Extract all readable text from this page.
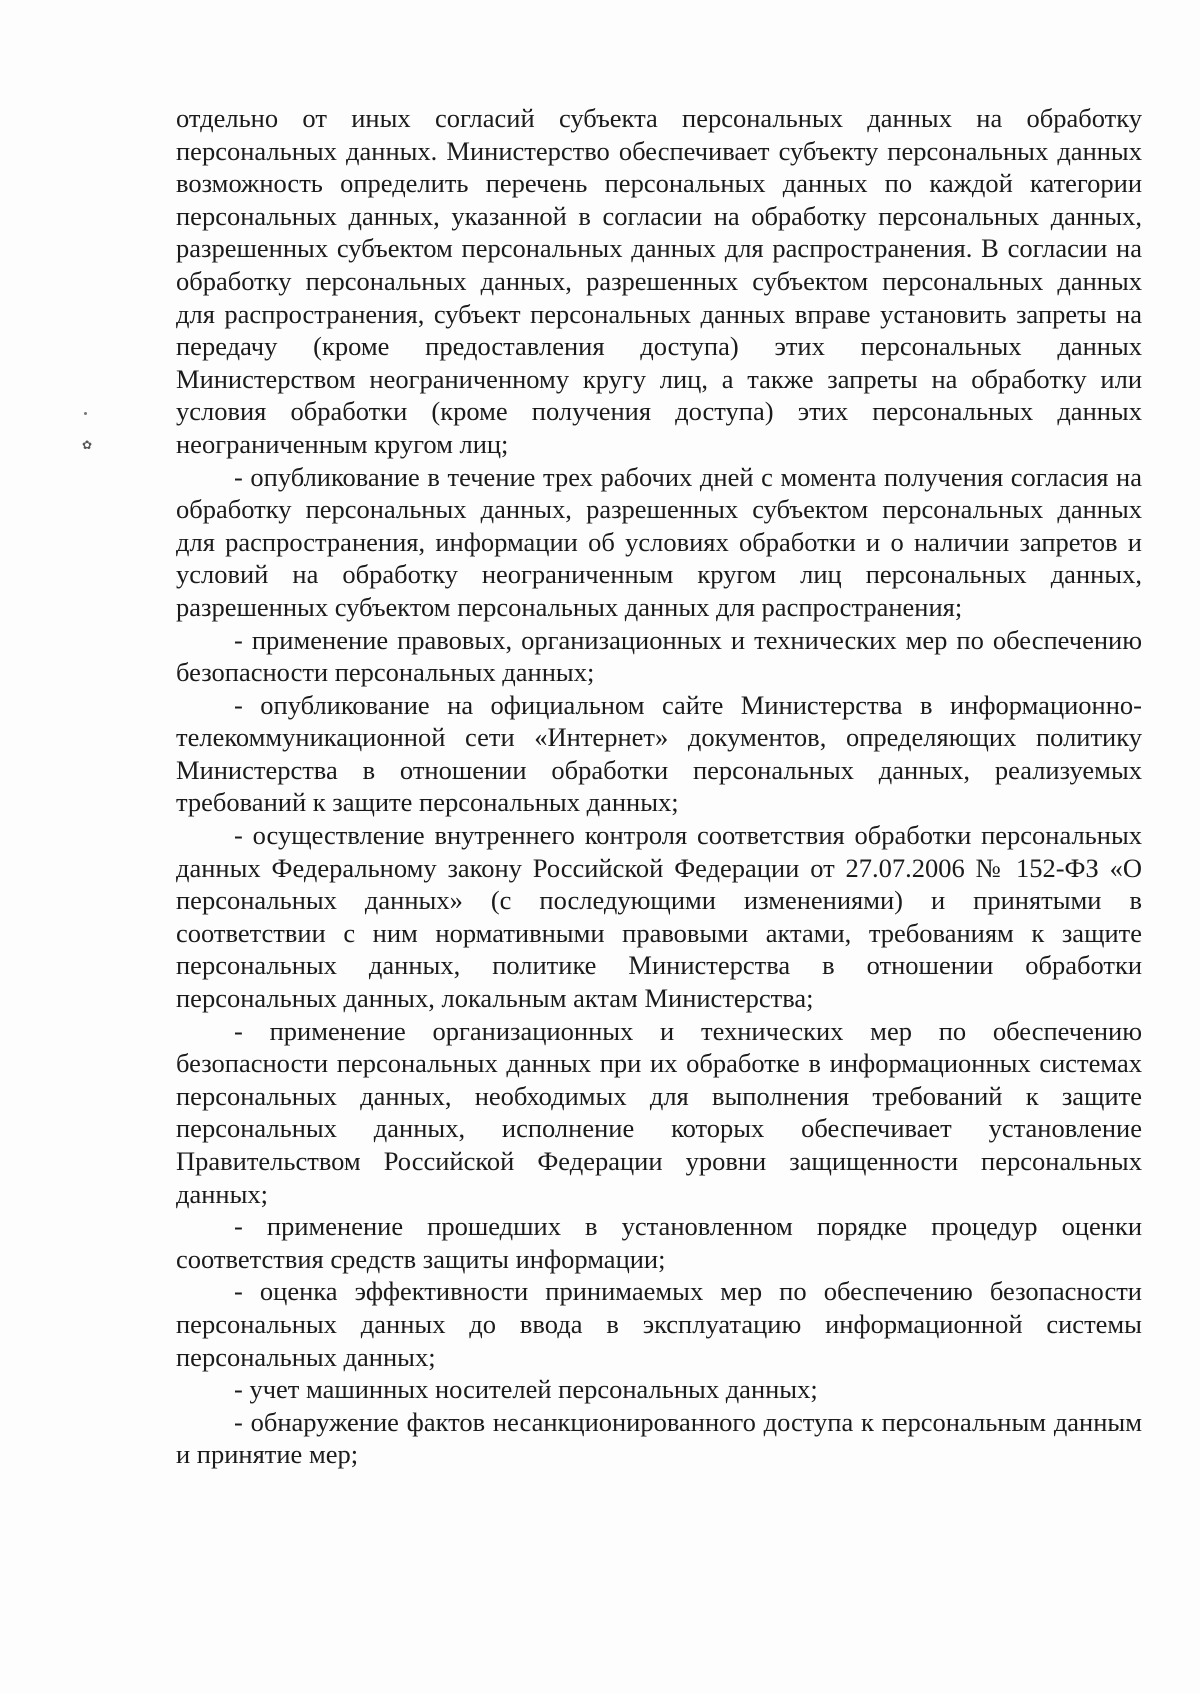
✿

отдельно от иных согласий субъекта персональных данных на обработку персональных данных. Министерство обеспечивает субъекту персональных данных возможность определить перечень персональных данных по каждой категории персональных данных, указанной в согласии на обработку персональных данных, разрешенных субъектом персональных данных для распространения. В согласии на обработку персональных данных, разрешенных субъектом персональных данных для распространения, субъект персональных данных вправе установить запреты на передачу (кроме предоставления доступа) этих персональных данных Министерством неограниченному кругу лиц, а также запреты на обработку или условия обработки (кроме получения доступа) этих персональных данных неограниченным кругом лиц;

- опубликование в течение трех рабочих дней с момента получения согласия на обработку персональных данных, разрешенных субъектом персональных данных для распространения, информации об условиях обработки и о наличии запретов и условий на обработку неограниченным кругом лиц персональных данных, разрешенных субъектом персональных данных для распространения;

- применение правовых, организационных и технических мер по обеспечению безопасности персональных данных;

- опубликование на официальном сайте Министерства в информационно-телекоммуникационной сети «Интернет» документов, определяющих политику Министерства в отношении обработки персональных данных, реализуемых требований к защите персональных данных;

- осуществление внутреннего контроля соответствия обработки персональных данных Федеральному закону Российской Федерации от 27.07.2006 № 152-ФЗ «О персональных данных» (с последующими изменениями) и принятыми в соответствии с ним нормативными правовыми актами, требованиям к защите персональных данных, политике Министерства в отношении обработки персональных данных, локальным актам Министерства;

- применение организационных и технических мер по обеспечению безопасности персональных данных при их обработке в информационных системах персональных данных, необходимых для выполнения требований к защите персональных данных, исполнение которых обеспечивает установление Правительством Российской Федерации уровни защищенности персональных данных;

- применение прошедших в установленном порядке процедур оценки соответствия средств защиты информации;

- оценка эффективности принимаемых мер по обеспечению безопасности персональных данных до ввода в эксплуатацию информационной системы персональных данных;

- учет машинных носителей персональных данных;

- обнаружение фактов несанкционированного доступа к персональным данным и принятие мер;
